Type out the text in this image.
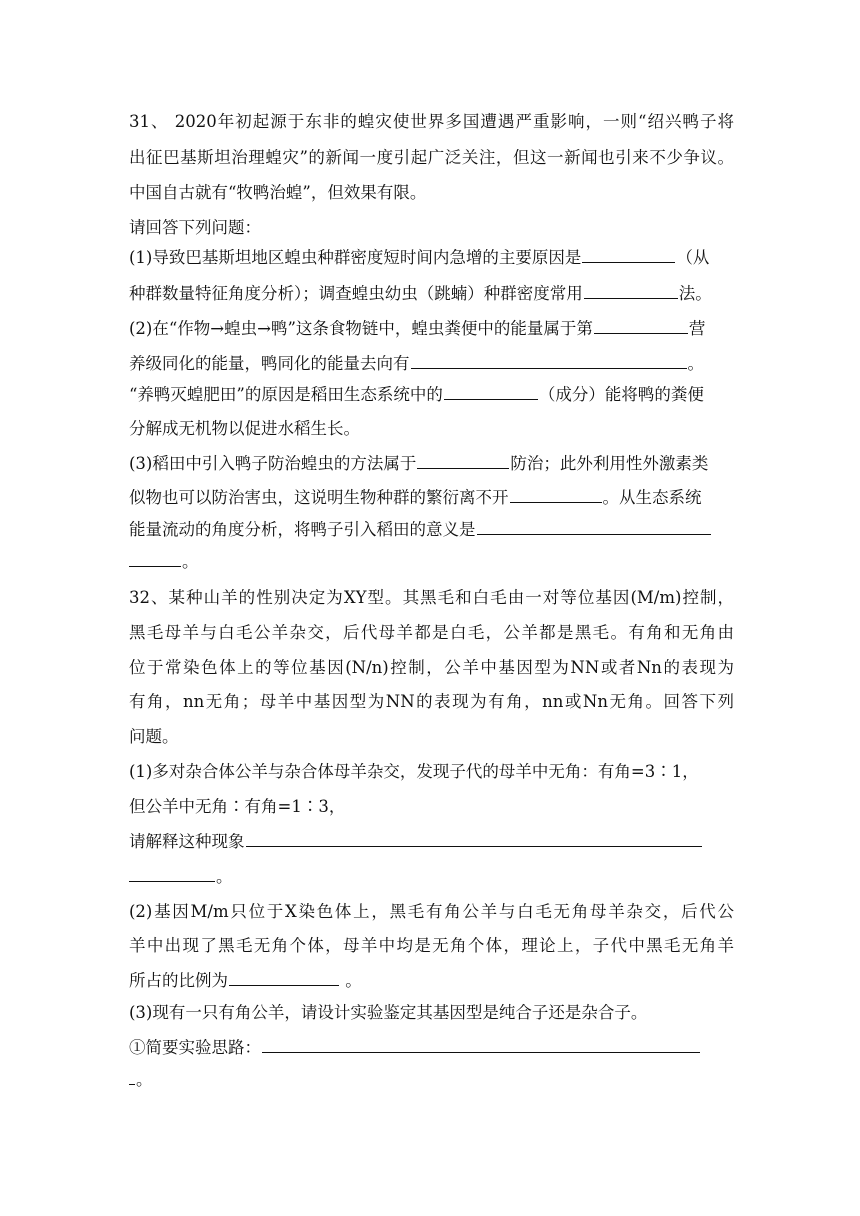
31、 2020年初起源于东非的蝗灾使世界多国遭遇严重影响，一则“绍兴鸭子将
出征巴基斯坦治理蝗灾”的新闻一度引起广泛关注，但这一新闻也引来不少争议。
中国自古就有“牧鸭治蝗”，但效果有限。
请回答下列问题：
(1)导致巴基斯坦地区蝗虫种群密度短时间内急增的主要原因是	（从
种群数量特征角度分析）；调查蝗虫幼虫（跳蝻）种群密度常用	法。
(2)在“作物→蝗虫→鸭”这条食物链中，蝗虫粪便中的能量属于第	营
养级同化的能量，鸭同化的能量去向有	。
“养鸭灭蝗肥田”的原因是稻田生态系统中的	（成分）能将鸭的粪便
分解成无机物以促进水稻生长。
(3)稻田中引入鸭子防治蝗虫的方法属于	防治；此外利用性外激素类
似物也可以防治害虫，这说明生物种群的繁衍离不开	。从生态系统
能量流动的角度分析，将鸭子引入稻田的意义是
。
32、某种山羊的性别决定为XY型。其黑毛和白毛由一对等位基因(M/m)控制，
黑毛母羊与白毛公羊杂交，后代母羊都是白毛，公羊都是黑毛。有角和无角由
位于常染色体上的等位基因(N/n)控制，公羊中基因型为NN或者Nn的表现为
有角，nn无角；母羊中基因型为NN的表现为有角，nn或Nn无角。回答下列
问题。
(1)多对杂合体公羊与杂合体母羊杂交，发现子代的母羊中无角：有角=3∶1，
但公羊中无角∶有角=1∶3，
请解释这种现象
。
(2)基因M/m只位于X染色体上，黑毛有角公羊与白毛无角母羊杂交，后代公
羊中出现了黑毛无角个体，母羊中均是无角个体，理论上，子代中黑毛无角羊
所占的比例为	。
(3)现有一只有角公羊，请设计实验鉴定其基因型是纯合子还是杂合子。
①简要实验思路：
。
